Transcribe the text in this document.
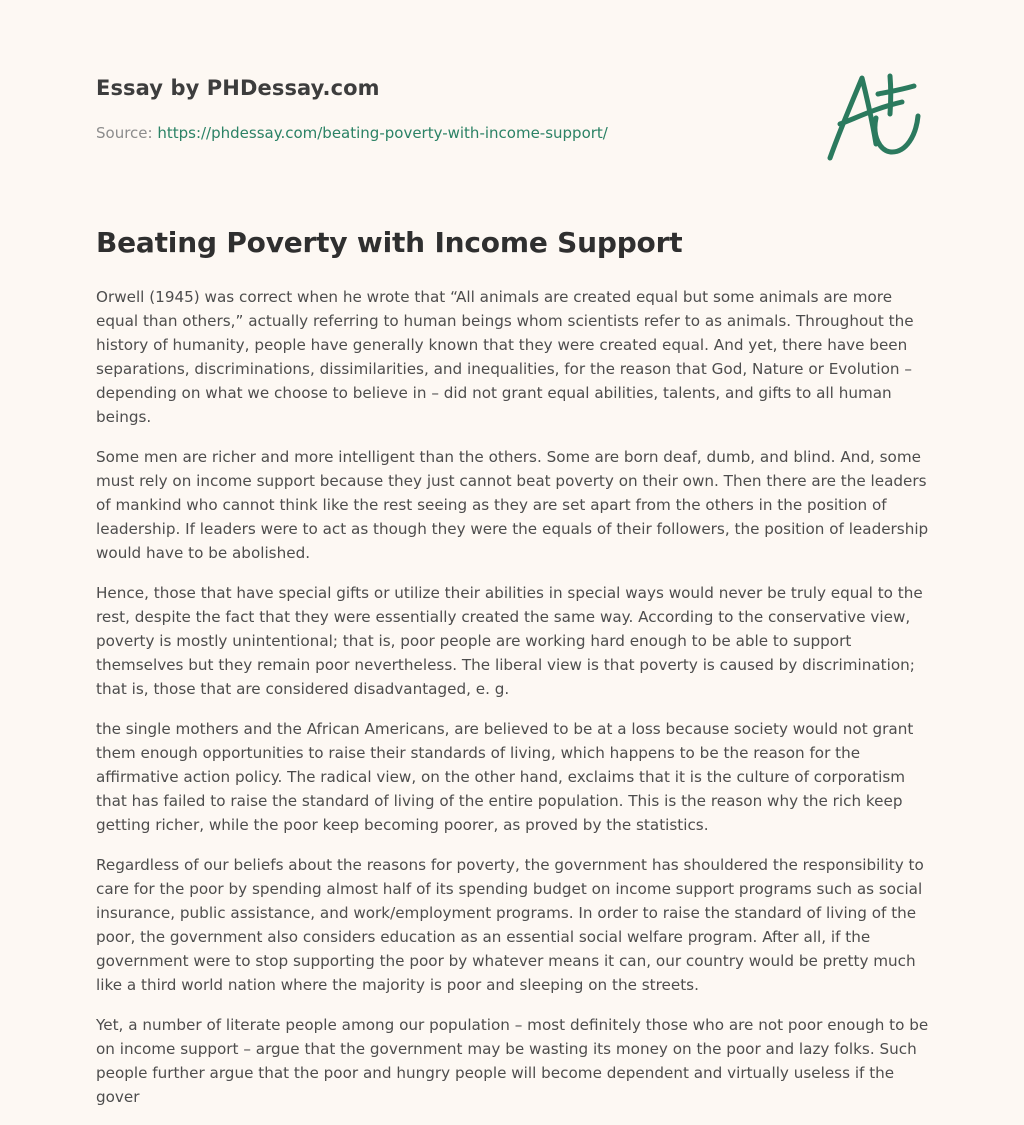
Essay by PHDessay.com

Source: https://phdessay.com/beating-poverty-with-income-support/

Beating Poverty with Income Support

Orwell (1945) was correct when he wrote that “All animals are created equal but some animals are more equal than others,” actually referring to human beings whom scientists refer to as animals. Throughout the history of humanity, people have generally known that they were created equal. And yet, there have been separations, discriminations, dissimilarities, and inequalities, for the reason that God, Nature or Evolution – depending on what we choose to believe in – did not grant equal abilities, talents, and gifts to all human beings.

Some men are richer and more intelligent than the others. Some are born deaf, dumb, and blind. And, some must rely on income support because they just cannot beat poverty on their own. Then there are the leaders of mankind who cannot think like the rest seeing as they are set apart from the others in the position of leadership. If leaders were to act as though they were the equals of their followers, the position of leadership would have to be abolished.

Hence, those that have special gifts or utilize their abilities in special ways would never be truly equal to the rest, despite the fact that they were essentially created the same way. According to the conservative view, poverty is mostly unintentional; that is, poor people are working hard enough to be able to support themselves but they remain poor nevertheless. The liberal view is that poverty is caused by discrimination; that is, those that are considered disadvantaged, e. g.

the single mothers and the African Americans, are believed to be at a loss because society would not grant them enough opportunities to raise their standards of living, which happens to be the reason for the affirmative action policy. The radical view, on the other hand, exclaims that it is the culture of corporatism that has failed to raise the standard of living of the entire population. This is the reason why the rich keep getting richer, while the poor keep becoming poorer, as proved by the statistics.

Regardless of our beliefs about the reasons for poverty, the government has shouldered the responsibility to care for the poor by spending almost half of its spending budget on income support programs such as social insurance, public assistance, and work/employment programs. In order to raise the standard of living of the poor, the government also considers education as an essential social welfare program. After all, if the government were to stop supporting the poor by whatever means it can, our country would be pretty much like a third world nation where the majority is poor and sleeping on the streets.

Yet, a number of literate people among our population – most definitely those who are not poor enough to be on income support – argue that the government may be wasting its money on the poor and lazy folks. Such people further argue that the poor and hungry people will become dependent and virtually useless if the gover
